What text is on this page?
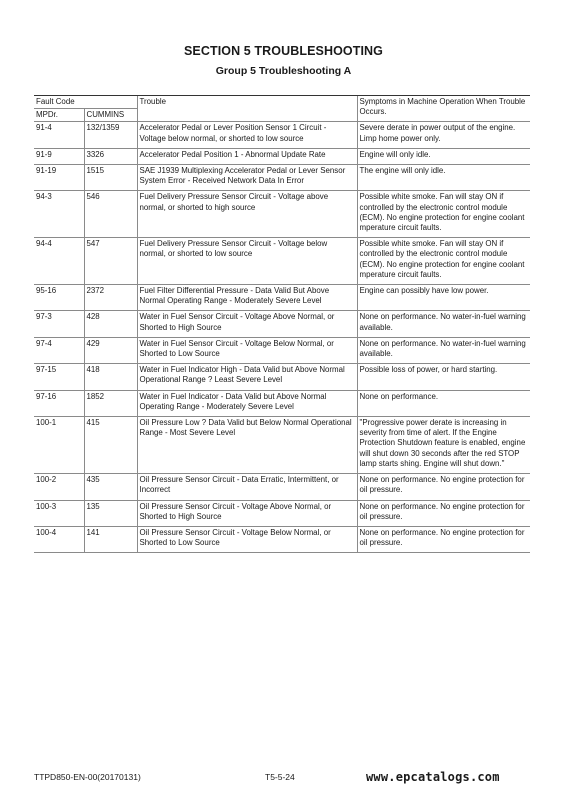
SECTION 5 TROUBLESHOOTING
Group 5 Troubleshooting A
Fault Code		Trouble	Symptoms in Machine Operation When Trouble Occurs.
MPDr.	CUMMINS		
91-4	132/1359	Accelerator Pedal or Lever Position Sensor 1 Circuit - Voltage below normal, or shorted to low source	Severe derate in power output of the engine. Limp home power only.
91-9	3326	Accelerator Pedal Position 1 - Abnormal Update Rate	Engine will only idle.
91-19	1515	SAE J1939 Multiplexing Accelerator Pedal or Lever Sensor System Error - Received Network Data In Error	The engine will only idle.
94-3	546	Fuel Delivery Pressure Sensor Circuit - Voltage above normal, or shorted to high source	Possible white smoke. Fan will stay ON if controlled by the electronic control module (ECM). No engine protection for engine coolant mperature circuit faults.
94-4	547	Fuel Delivery Pressure Sensor Circuit - Voltage below normal, or shorted to low source	Possible white smoke. Fan will stay ON if controlled by the electronic control module (ECM). No engine protection for engine coolant mperature circuit faults.
95-16	2372	Fuel Filter Differential Pressure - Data Valid But Above Normal Operating Range - Moderately Severe Level	Engine can possibly have low power.
97-3	428	Water in Fuel Sensor Circuit - Voltage Above Normal, or Shorted to High Source	None on performance. No water-in-fuel warning available.
97-4	429	Water in Fuel Sensor Circuit - Voltage Below Normal, or Shorted to Low Source	None on performance. No water-in-fuel warning available.
97-15	418	Water in Fuel Indicator High - Data Valid but Above Normal Operational Range ? Least Severe Level	Possible loss of power, or hard starting.
97-16	1852	Water in Fuel Indicator - Data Valid but Above Normal Operating Range - Moderately Severe Level	None on performance.
100-1	415	Oil Pressure Low ? Data Valid but Below Normal Operational Range - Most Severe Level	"Progressive power derate is increasing in severity from time of alert. If the Engine Protection Shutdown feature is enabled, engine will shut down 30 seconds after the red STOP lamp starts shing. Engine will shut down."
100-2	435	Oil Pressure Sensor Circuit - Data Erratic, Intermittent, or Incorrect	None on performance. No engine protection for oil pressure.
100-3	135	Oil Pressure Sensor Circuit - Voltage Above Normal, or Shorted to High Source	None on performance. No engine protection for oil pressure.
100-4	141	Oil Pressure Sensor Circuit - Voltage Below Normal, or Shorted to Low Source	None on performance. No engine protection for oil pressure.
TTPD850-EN-00(20170131)	T5-5-24	www.epcatalogs.com
